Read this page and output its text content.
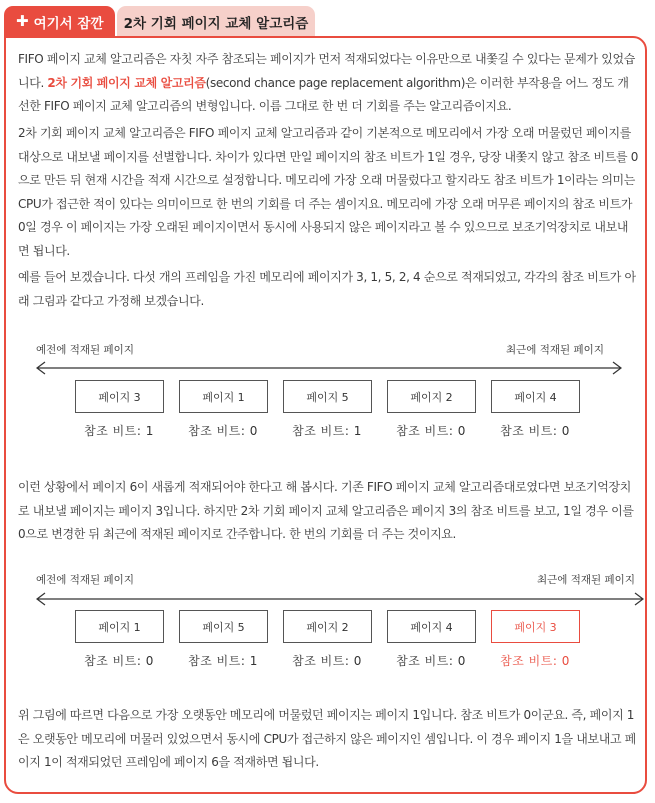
✚ 여기서 잠깐	2차 기회 페이지 교체 알고리즘

FIFO 페이지 교체 알고리즘은 자칫 자주 참조되는 페이지가 먼저 적재되었다는 이유만으로 내쫓길 수 있다는 문제가 있었습니다. 2차 기회 페이지 교체 알고리즘(second chance page replacement algorithm)은 이러한 부작용을 어느 정도 개선한 FIFO 페이지 교체 알고리즘의 변형입니다. 이름 그대로 한 번 더 기회를 주는 알고리즘이지요.

2차 기회 페이지 교체 알고리즘은 FIFO 페이지 교체 알고리즘과 같이 기본적으로 메모리에서 가장 오래 머물렀던 페이지를 대상으로 내보낼 페이지를 선별합니다. 차이가 있다면 만일 페이지의 참조 비트가 1일 경우, 당장 내쫓지 않고 참조 비트를 0으로 만든 뒤 현재 시간을 적재 시간으로 설정합니다. 메모리에 가장 오래 머물렀다고 할지라도 참조 비트가 1이라는 의미는 CPU가 접근한 적이 있다는 의미이므로 한 번의 기회를 더 주는 셈이지요. 메모리에 가장 오래 머무른 페이지의 참조 비트가 0일 경우 이 페이지는 가장 오래된 페이지이면서 동시에 사용되지 않은 페이지라고 볼 수 있으므로 보조기억장치로 내보내면 됩니다.

예를 들어 보겠습니다. 다섯 개의 프레임을 가진 메모리에 페이지가 3, 1, 5, 2, 4 순으로 적재되었고, 각각의 참조 비트가 아래 그림과 같다고 가정해 보겠습니다.

예전에 적재된 페이지	최근에 적재된 페이지
페이지 3	페이지 1	페이지 5	페이지 2	페이지 4
참조 비트: 1	참조 비트: 0	참조 비트: 1	참조 비트: 0	참조 비트: 0

이런 상황에서 페이지 6이 새롭게 적재되어야 한다고 해 봅시다. 기존 FIFO 페이지 교체 알고리즘대로였다면 보조기억장치로 내보낼 페이지는 페이지 3입니다. 하지만 2차 기회 페이지 교체 알고리즘은 페이지 3의 참조 비트를 보고, 1일 경우 이를 0으로 변경한 뒤 최근에 적재된 페이지로 간주합니다. 한 번의 기회를 더 주는 것이지요.

예전에 적재된 페이지	최근에 적재된 페이지
페이지 1	페이지 5	페이지 2	페이지 4	페이지 3
참조 비트: 0	참조 비트: 1	참조 비트: 0	참조 비트: 0	참조 비트: 0

위 그림에 따르면 다음으로 가장 오랫동안 메모리에 머물렀던 페이지는 페이지 1입니다. 참조 비트가 0이군요. 즉, 페이지 1은 오랫동안 메모리에 머물러 있었으면서 동시에 CPU가 접근하지 않은 페이지인 셈입니다. 이 경우 페이지 1을 내보내고 페이지 1이 적재되었던 프레임에 페이지 6을 적재하면 됩니다.
